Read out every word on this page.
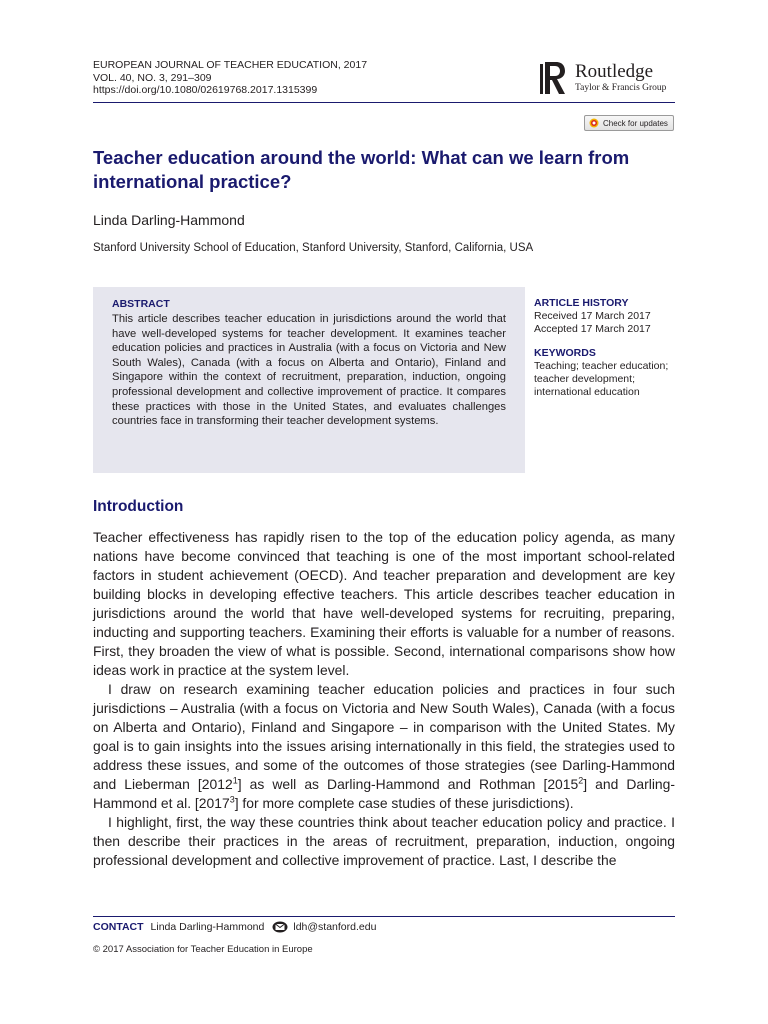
EUROPEAN JOURNAL OF TEACHER EDUCATION, 2017
VOL. 40, NO. 3, 291–309
https://doi.org/10.1080/02619768.2017.1315399
Routledge
Taylor & Francis Group
Check for updates
Teacher education around the world: What can we learn from international practice?
Linda Darling-Hammond
Stanford University School of Education, Stanford University, Stanford, California, USA
ABSTRACT
This article describes teacher education in jurisdictions around the world that have well-developed systems for teacher development. It examines teacher education policies and practices in Australia (with a focus on Victoria and New South Wales), Canada (with a focus on Alberta and Ontario), Finland and Singapore within the context of recruitment, preparation, induction, ongoing professional development and collective improvement of practice. It compares these practices with those in the United States, and evaluates challenges countries face in transforming their teacher development systems.
ARTICLE HISTORY
Received 17 March 2017
Accepted 17 March 2017
KEYWORDS
Teaching; teacher education;
teacher development;
international education
Introduction

Teacher effectiveness has rapidly risen to the top of the education policy agenda, as many nations have become convinced that teaching is one of the most important school-related factors in student achievement (OECD). And teacher preparation and development are key building blocks in developing effective teachers. This article describes teacher education in jurisdictions around the world that have well-developed systems for recruiting, preparing, inducting and supporting teachers. Examining their efforts is valuable for a number of reasons. First, they broaden the view of what is possible. Second, international comparisons show how ideas work in practice at the system level.

I draw on research examining teacher education policies and practices in four such jurisdictions – Australia (with a focus on Victoria and New South Wales), Canada (with a focus on Alberta and Ontario), Finland and Singapore – in comparison with the United States. My goal is to gain insights into the issues arising internationally in this field, the strategies used to address these issues, and some of the outcomes of those strategies (see Darling-Hammond and Lieberman [2012$^1$] as well as Darling-Hammond and Rothman [2015$^2$] and Darling-Hammond et al. [2017$^3$] for more complete case studies of these jurisdictions).

I highlight, first, the way these countries think about teacher education policy and practice. I then describe their practices in the areas of recruitment, preparation, induction, ongoing professional development and collective improvement of practice. Last, I describe the

CONTACT Linda Darling-Hammond	ldh@stanford.edu
© 2017 Association for Teacher Education in Europe
